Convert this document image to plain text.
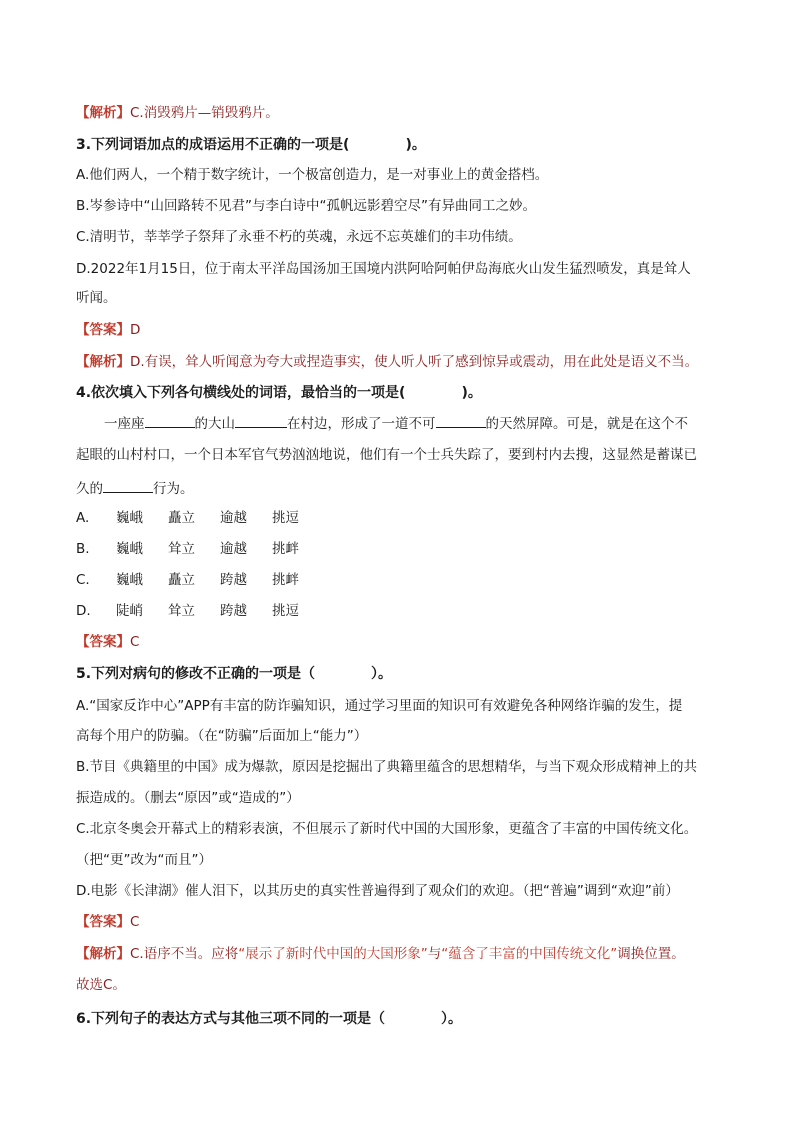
【解析】C.消毁鸦片—销毁鸦片。
3.下列词语加点的成语运用不正确的一项是(　　　　)。
A.他们两人，一个精于数字统计，一个极富创造力，是一对事业上的黄金搭档。
B.岑参诗中“山回路转不见君”与李白诗中“孤帆远影碧空尽”有异曲同工之妙。
C.清明节，莘莘学子祭拜了永垂不朽的英魂，永远不忘英雄们的丰功伟绩。
D.2022年1月15日，位于南太平洋岛国汤加王国境内洪阿哈阿帕伊岛海底火山发生猛烈喷发，真是耸人
听闻。
【答案】D
【解析】D.有误，耸人听闻意为夸大或捏造事实，使人听人听了感到惊异或震动，用在此处是语义不当。
4.依次填入下列各句横线处的词语，最恰当的一项是(　　　　)。
一座座	的大山	在村边，形成了一道不可	的天然屏障。可是，就是在这个不
起眼的山村村口，一个日本军官气势汹汹地说，他们有一个士兵失踪了，要到村内去搜，这显然是蓄谋已
久的	行为。
A. 巍峨 矗立 逾越 挑逗
B. 巍峨 耸立 逾越 挑衅
C. 巍峨 矗立 跨越 挑衅
D. 陡峭 耸立 跨越 挑逗
【答案】C
5.下列对病句的修改不正确的一项是（　　　　）。
A.“国家反诈中心”APP有丰富的防诈骗知识，通过学习里面的知识可有效避免各种网络诈骗的发生，提
高每个用户的防骗。（在“防骗”后面加上“能力”）
B.节目《典籍里的中国》成为爆款，原因是挖掘出了典籍里蕴含的思想精华，与当下观众形成精神上的共
振造成的。（删去“原因”或“造成的”）
C.北京冬奥会开幕式上的精彩表演，不但展示了新时代中国的大国形象，更蕴含了丰富的中国传统文化。
（把“更”改为“而且”）
D.电影《长津湖》催人泪下，以其历史的真实性普遍得到了观众们的欢迎。（把“普遍”调到“欢迎”前）
【答案】C
【解析】C.语序不当。应将“展示了新时代中国的大国形象”与“蕴含了丰富的中国传统文化”调换位置。
故选C。
6.下列句子的表达方式与其他三项不同的一项是（　　　　）。
